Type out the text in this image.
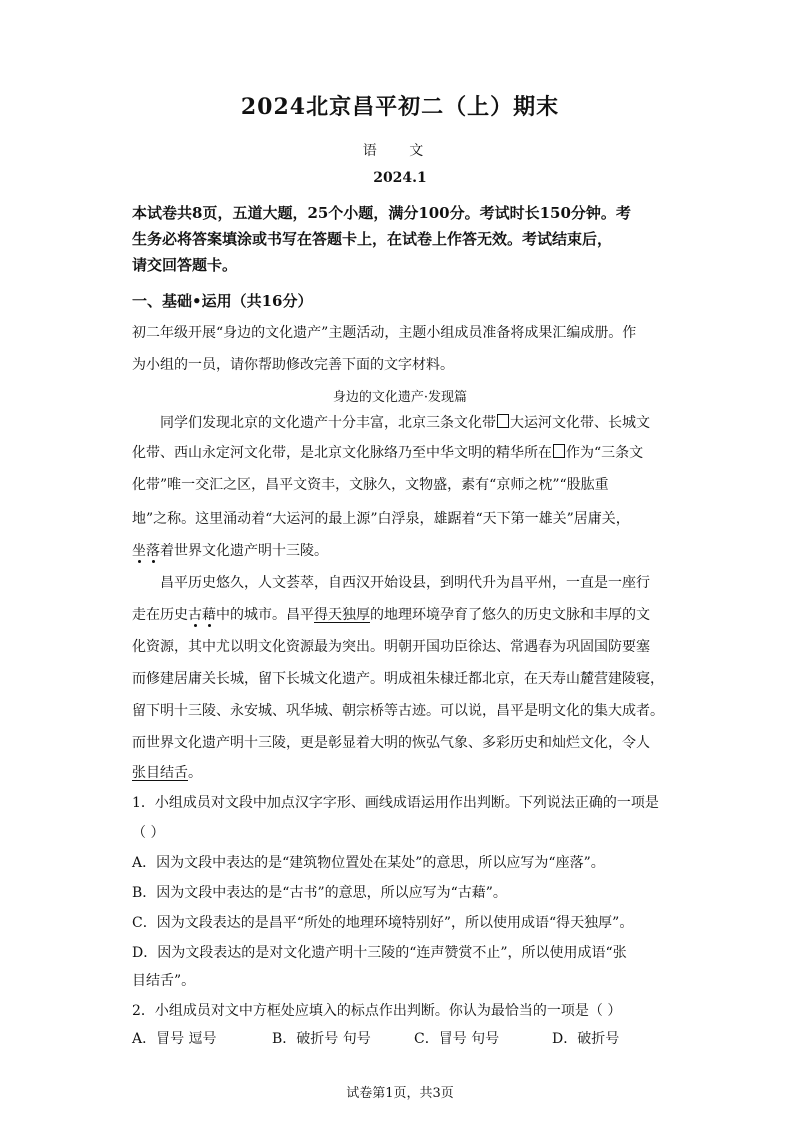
2024北京昌平初二（上）期末
语 文
2024.1
本试卷共8页，五道大题，25个小题，满分100分。考试时长150分钟。考
生务必将答案填涂或书写在答题卡上，在试卷上作答无效。考试结束后，
请交回答题卡。
一、基础•运用（共16分）
初二年级开展“身边的文化遗产”主题活动，主题小组成员准备将成果汇编成册。作
为小组的一员，请你帮助修改完善下面的文字材料。
身边的文化遗产·发现篇
同学们发现北京的文化遗产十分丰富，北京三条文化带 大运河文化带、长城文
化带、西山永定河文化带，是北京文化脉络乃至中华文明的精华所在 作为“三条文
化带”唯一交汇之区，昌平文资丰，文脉久，文物盛，素有“京师之枕”“股肱重
地”之称。这里涌动着“大运河的最上源”白浮泉，雄踞着“天下第一雄关”居庸关，
坐落着世界文化遗产明十三陵。
昌平历史悠久，人文荟萃，自西汉开始设县，到明代升为昌平州，一直是一座行
走在历史古藉中的城市。昌平得天独厚的地理环境孕育了悠久的历史文脉和丰厚的文
化资源，其中尤以明文化资源最为突出。明朝开国功臣徐达、常遇春为巩固国防要塞
而修建居庸关长城，留下长城文化遗产。明成祖朱棣迁都北京，在天寿山麓营建陵寝，
留下明十三陵、永安城、巩华城、朝宗桥等古迹。可以说，昌平是明文化的集大成者。
而世界文化遗产明十三陵，更是彰显着大明的恢弘气象、多彩历史和灿烂文化，令人
张目结舌。
1．小组成员对文段中加点汉字字形、画线成语运用作出判断。下列说法正确的一项是
（ ）
A．因为文段中表达的是“建筑物位置处在某处”的意思，所以应写为“座落”。
B．因为文段中表达的是“古书”的意思，所以应写为“古藉”。
C．因为文段表达的是昌平“所处的地理环境特别好”，所以使用成语“得天独厚”。
D．因为文段表达的是对文化遗产明十三陵的“连声赞赏不止”，所以使用成语“张
目结舌”。
2．小组成员对文中方框处应填入的标点作出判断。你认为最恰当的一项是（ ）
A．冒号 逗号	B．破折号 句号	C．冒号 句号	D．破折号
试卷第1页，共3页
